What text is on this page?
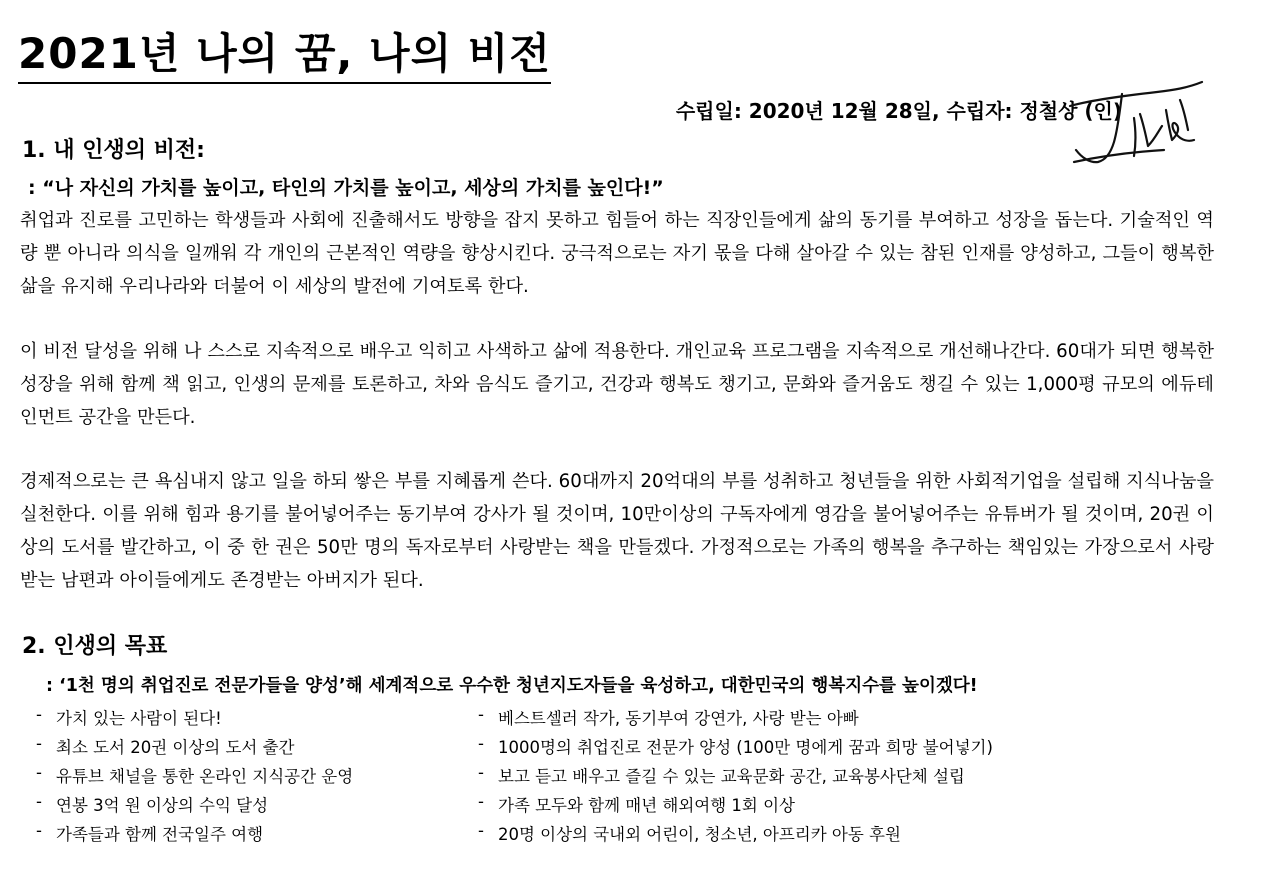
2021년 나의 꿈, 나의 비전
수립일: 2020년 12월 28일, 수립자: 정철상 (인)
1. 내 인생의 비전:
: “나 자신의 가치를 높이고, 타인의 가치를 높이고, 세상의 가치를 높인다!”

취업과 진로를 고민하는 학생들과 사회에 진출해서도 방향을 잡지 못하고 힘들어 하는 직장인들에게 삶의 동기를 부여하고 성장을 돕는다. 기술적인 역량 뿐 아니라 의식을 일깨워 각 개인의 근본적인 역량을 향상시킨다. 궁극적으로는 자기 몫을 다해 살아갈 수 있는 참된 인재를 양성하고, 그들이 행복한 삶을 유지해 우리나라와 더불어 이 세상의 발전에 기여토록 한다.

이 비전 달성을 위해 나 스스로 지속적으로 배우고 익히고 사색하고 삶에 적용한다. 개인교육 프로그램을 지속적으로 개선해나간다. 60대가 되면 행복한 성장을 위해 함께 책 읽고, 인생의 문제를 토론하고, 차와 음식도 즐기고, 건강과 행복도 챙기고, 문화와 즐거움도 챙길 수 있는 1,000평 규모의 에듀테인먼트 공간을 만든다.

경제적으로는 큰 욕심내지 않고 일을 하되 쌓은 부를 지혜롭게 쓴다. 60대까지 20억대의 부를 성취하고 청년들을 위한 사회적기업을 설립해 지식나눔을 실천한다. 이를 위해 힘과 용기를 불어넣어주는 동기부여 강사가 될 것이며, 10만이상의 구독자에게 영감을 불어넣어주는 유튜버가 될 것이며, 20권 이상의 도서를 발간하고, 이 중 한 권은 50만 명의 독자로부터 사랑받는 책을 만들겠다. 가정적으로는 가족의 행복을 추구하는 책임있는 가장으로서 사랑받는 남편과 아이들에게도 존경받는 아버지가 된다.

2. 인생의 목표
: ‘1천 명의 취업진로 전문가들을 양성’해 세계적으로 우수한 청년지도자들을 육성하고, 대한민국의 행복지수를 높이겠다!
- 가치 있는 사람이 된다!	- 베스트셀러 작가, 동기부여 강연가, 사랑 받는 아빠
- 최소 도서 20권 이상의 도서 출간	- 1000명의 취업진로 전문가 양성 (100만 명에게 꿈과 희망 불어넣기)
- 유튜브 채널을 통한 온라인 지식공간 운영	- 보고 듣고 배우고 즐길 수 있는 교육문화 공간, 교육봉사단체 설립
- 연봉 3억 원 이상의 수익 달성	- 가족 모두와 함께 매년 해외여행 1회 이상
- 가족들과 함께 전국일주 여행	- 20명 이상의 국내외 어린이, 청소년, 아프리카 아동 후원
